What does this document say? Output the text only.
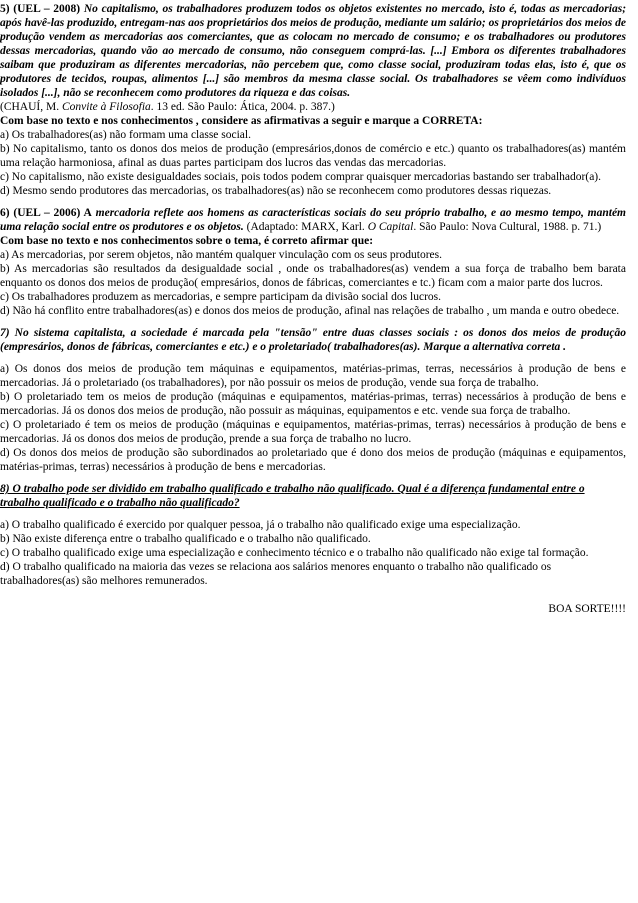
5) (UEL – 2008) No capitalismo, os trabalhadores produzem todos os objetos existentes no mercado, isto é, todas as mercadorias; após havê-las produzido, entregam-nas aos proprietários dos meios de produção, mediante um salário; os proprietários dos meios de produção vendem as mercadorias aos comerciantes, que as colocam no mercado de consumo; e os trabalhadores ou produtores dessas mercadorias, quando vão ao mercado de consumo, não conseguem comprá-las. [...] Embora os diferentes trabalhadores saibam que produziram as diferentes mercadorias, não percebem que, como classe social, produziram todas elas, isto é, que os produtores de tecidos, roupas, alimentos [...] são membros da mesma classe social. Os trabalhadores se vêem como indivíduos isolados [...], não se reconhecem como produtores da riqueza e das coisas.

(CHAUÍ, M. Convite à Filosofia. 13 ed. São Paulo: Ática, 2004. p. 387.)

Com base no texto e nos conhecimentos , considere as afirmativas a seguir e marque a CORRETA:

a) Os trabalhadores(as) não formam uma classe social.

b) No capitalismo, tanto os donos dos meios de produção (empresários,donos de comércio e etc.) quanto os trabalhadores(as) mantém uma relação harmoniosa, afinal as duas partes participam dos lucros das vendas das mercadorias.

c) No capitalismo, não existe desigualdades sociais, pois todos podem comprar quaisquer mercadorias bastando ser trabalhador(a).

d) Mesmo sendo produtores das mercadorias, os trabalhadores(as) não se reconhecem como produtores dessas riquezas.

6) (UEL – 2006) A mercadoria reflete aos homens as características sociais do seu próprio trabalho, e ao mesmo tempo, mantém uma relação social entre os produtores e os objetos. (Adaptado: MARX, Karl. O Capital. São Paulo: Nova Cultural, 1988. p. 71.)

Com base no texto e nos conhecimentos sobre o tema, é correto afirmar que:

a) As mercadorias, por serem objetos, não mantém qualquer vinculação com os seus produtores.

b) As mercadorias são resultados da desigualdade social , onde os trabalhadores(as) vendem a sua força de trabalho bem barata enquanto os donos dos meios de produção( empresários, donos de fábricas, comerciantes e tc.) ficam com a maior parte dos lucros.

c) Os trabalhadores produzem as mercadorias, e sempre participam da divisão social dos lucros.

d) Não há conflito entre trabalhadores(as) e donos dos meios de produção, afinal nas relações de trabalho , um manda e outro obedece.

7) No sistema capitalista, a sociedade é marcada pela "tensão" entre duas classes sociais : os donos dos meios de produção (empresários, donos de fábricas, comerciantes e etc.) e o proletariado( trabalhadores(as). Marque a alternativa correta .

a) Os donos dos meios de produção tem máquinas e equipamentos, matérias-primas, terras, necessários à produção de bens e mercadorias. Já o proletariado (os trabalhadores), por não possuir os meios de produção, vende sua força de trabalho.

b) O proletariado tem os meios de produção (máquinas e equipamentos, matérias-primas, terras) necessários à produção de bens e mercadorias. Já os donos dos meios de produção, não possuir as máquinas, equipamentos e etc. vende sua força de trabalho.

c) O proletariado é tem os meios de produção (máquinas e equipamentos, matérias-primas, terras) necessários à produção de bens e mercadorias. Já os donos dos meios de produção, prende a sua força de trabalho no lucro.

d) Os donos dos meios de produção são subordinados ao proletariado que é dono dos meios de produção (máquinas e equipamentos, matérias-primas, terras) necessários à produção de bens e mercadorias.

8) O trabalho pode ser dividido em trabalho qualificado e trabalho não qualificado. Qual é a diferença fundamental entre o trabalho qualificado e o trabalho não qualificado?

a) O trabalho qualificado é exercido por qualquer pessoa, já o trabalho não qualificado exige uma especialização.

b) Não existe diferença entre o trabalho qualificado e o trabalho não qualificado.

c) O trabalho qualificado exige uma especialização e conhecimento técnico e o trabalho não qualificado não exige tal formação.

d) O trabalho qualificado na maioria das vezes se relaciona aos salários menores enquanto o trabalho não qualificado os trabalhadores(as) são melhores remunerados.

BOA SORTE!!!!
